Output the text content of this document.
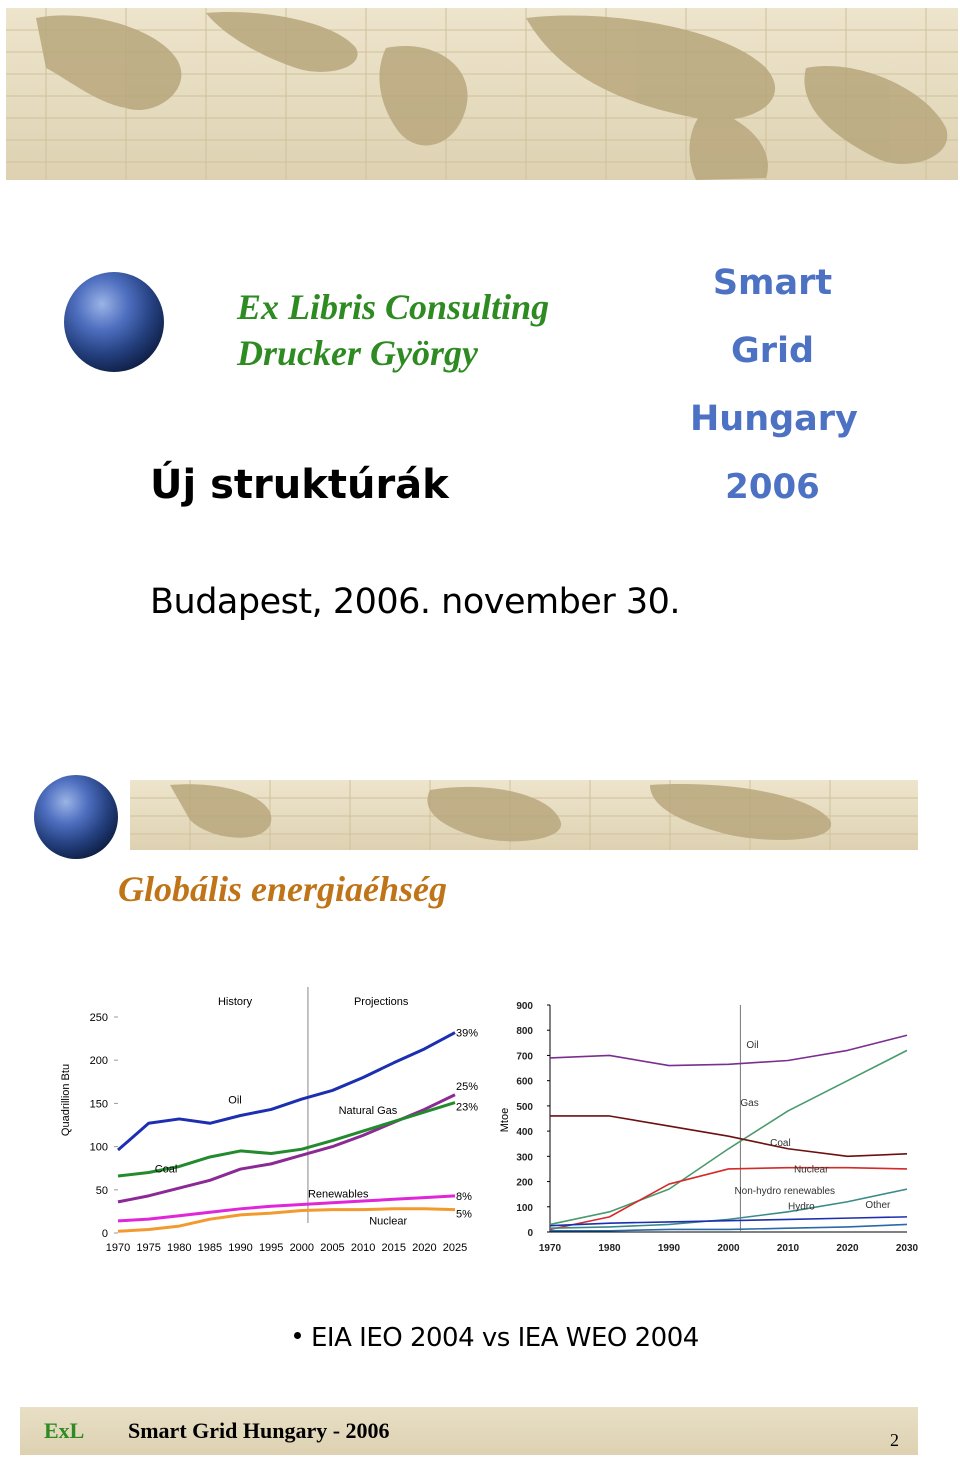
Ex Libris Consulting
Drucker György
Smart
Grid
Hungary
2006
Új struktúrák
Budapest, 2006. november 30.
Globális energiaéhség
Quadrillion Btu
0
50
100
150
200
250
1970 1975 1980 1985 1990 1995 2000 2005 2010 2015 2020 2025
History	Projections
Oil
Natural Gas
Coal
Renewables
Nuclear
39%
25%
23%
8%
5%
Mtoe
0
100
200
300
400
500
600
700
800
900
1970	1980	1990	2000	2010	2020	2030
Oil
Gas
Coal
Nuclear
Non-hydro renewables
Hydro	Other
EIA IEO 2004 vs IEA WEO 2004
ExL Smart Grid Hungary - 2006	2
